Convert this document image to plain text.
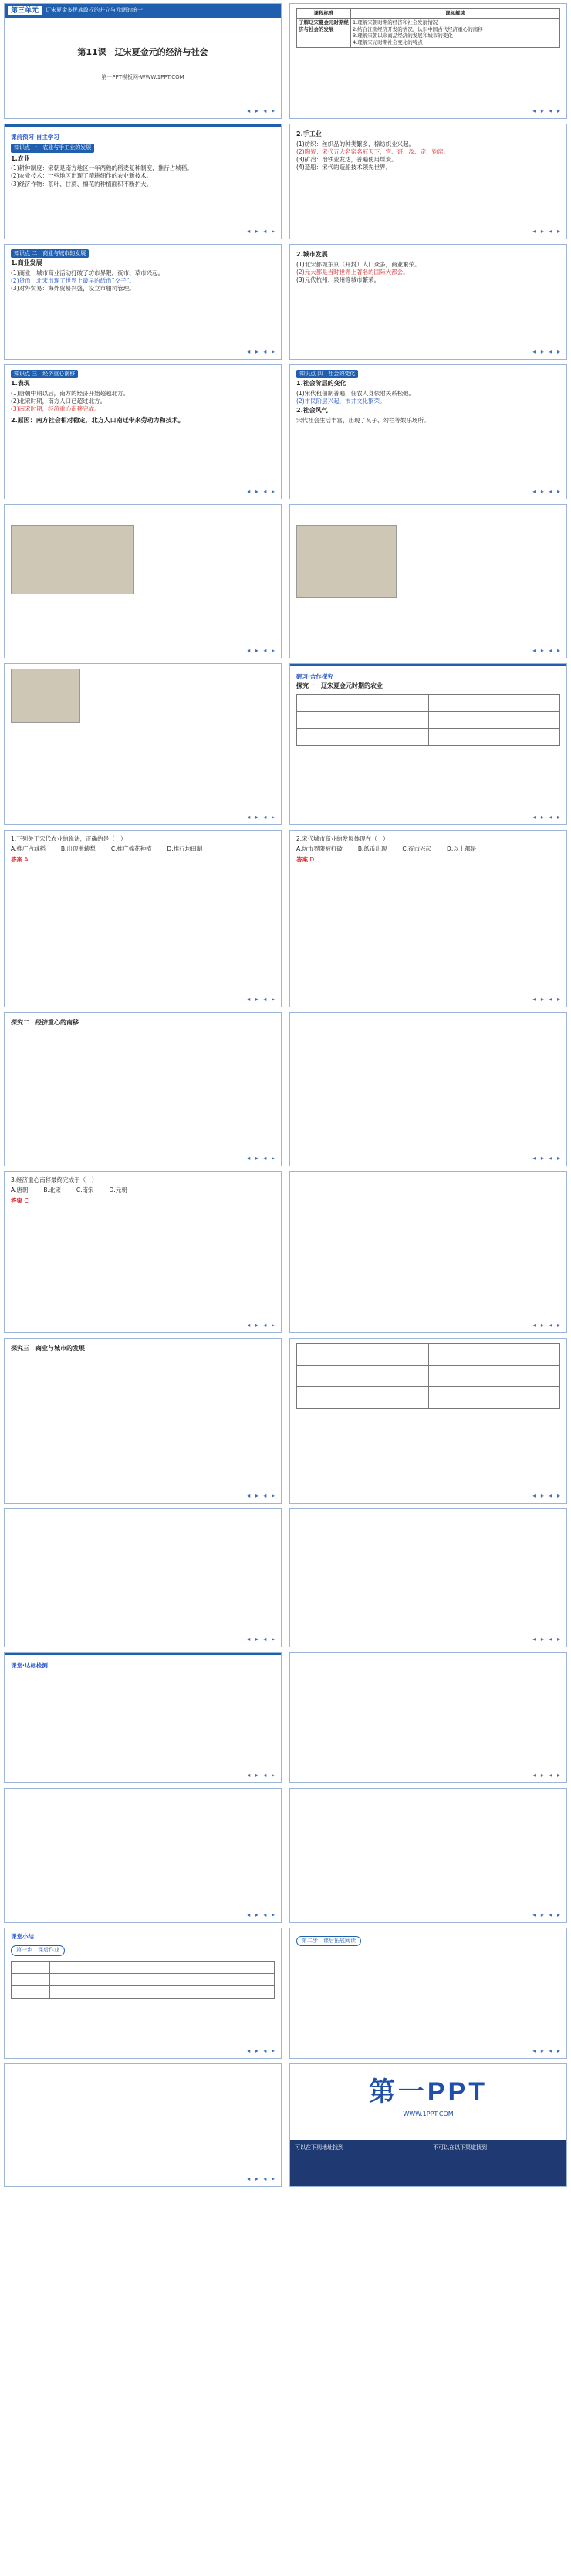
第三单元	辽宋夏金多民族政权的并立与元朝的统一
第11课　辽宋夏金元的经济与社会
第一PPT模板网-WWW.1PPT.COM
◂ ▸ ◂ ▸
课程标准	课标解读
了解辽宋夏金元时期经济与社会的发展	1.理解宋朝时期的经济和社会发展情况
2.结合江南经济开发的情况，认识中国古代经济重心的南移
3.理解宋朝以来商品经济的发展和城市的变化
4.理解宋元时期社会变化的特点
◂ ▸ ◂ ▸
课前预习·自主学习
知识点 一　农业与手工业的发展
1.农业
(1)耕种制度：宋朝是南方地区一年两熟的稻麦复种制度，推行占城稻。
(2)农业技术：一些地区出现了精耕细作的农业新技术。
(3)经济作物：茶叶、甘蔗、棉花的种植面积不断扩大。
◂ ▸ ◂ ▸
2.手工业
(1)纺织：丝织品的种类繁多，棉纺织业兴起。
(2)陶瓷：宋代五大名窑名冠天下，官、哥、汝、定、钧窑。
(3)矿冶：冶铁业发达，普遍使用煤炭。
(4)造船：宋代的造船技术领先世界。
◂ ▸ ◂ ▸
知识点 二　商业与城市的发展
1.商业发展
(1)商业：城市商业活动打破了坊市界限，夜市、草市兴起。
(2)货币：北宋出现了世界上最早的纸币“交子”。
(3)对外贸易：海外贸易兴盛，设立市舶司管理。
◂ ▸ ◂ ▸
2.城市发展
(1)北宋都城东京（开封）人口众多，商业繁荣。
(2)元大都是当时世界上著名的国际大都会。
(3)元代杭州、泉州等城市繁荣。
◂ ▸ ◂ ▸
知识点 三　经济重心南移
1.表现
(1)唐朝中期以后，南方的经济开始超越北方。
(2)北宋时期，南方人口已超过北方。
(3)南宋时期，经济重心南移完成。
2.原因：南方社会相对稳定，北方人口南迁带来劳动力和技术。
◂ ▸ ◂ ▸
知识点 四　社会的变化
1.社会阶层的变化
(1)宋代租佃制普遍，佃农人身依附关系松弛。
(2)市民阶层兴起，市井文化繁荣。
2.社会风气
宋代社会生活丰富，出现了瓦子、勾栏等娱乐场所。
◂ ▸ ◂ ▸
◂ ▸ ◂ ▸	◂ ▸ ◂ ▸
◂ ▸ ◂ ▸
研习·合作探究
探究一　辽宋夏金元时期的农业

◂ ▸ ◂ ▸
1.下列关于宋代农业的说法，正确的是（　）
A.推广占城稻	B.出现曲辕犁	C.推广棉花种植	D.推行均田制
答案 A
◂ ▸ ◂ ▸
2.宋代城市商业的发展体现在（　）
A.坊市界限被打破	B.纸币出现	C.夜市兴起	D.以上都是
答案 D
◂ ▸ ◂ ▸
探究二　经济重心的南移
◂ ▸ ◂ ▸	◂ ▸ ◂ ▸
3.经济重心南移最终完成于（　）
A.唐朝	B.北宋	C.南宋	D.元朝
答案 C
◂ ▸ ◂ ▸	◂ ▸ ◂ ▸
探究三　商业与城市的发展
◂ ▸ ◂ ▸

		◂ ▸ ◂ ▸
◂ ▸ ◂ ▸	◂ ▸ ◂ ▸
课堂·达标检测
◂ ▸ ◂ ▸	◂ ▸ ◂ ▸
◂ ▸ ◂ ▸	◂ ▸ ◂ ▸
课堂小结
第一步　课后作业

◂ ▸ ◂ ▸
第二步　课后拓展阅读
◂ ▸ ◂ ▸
◂ ▸ ◂ ▸
第一PPT
WWW.1PPT.COM
可以在下列地址找到	不可以在以下渠道找到
